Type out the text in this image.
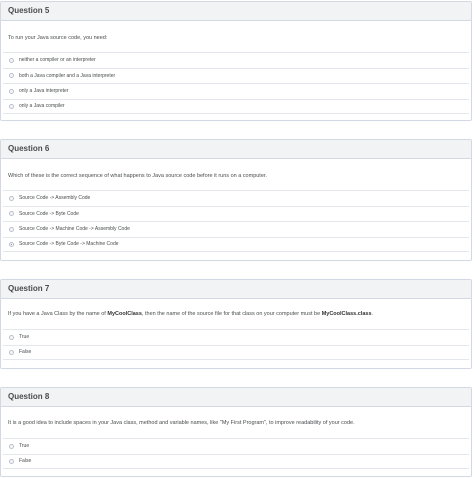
Question 5
To run your Java source code, you need:
neither a compiler or an interpreter
both a Java compiler and a Java interpreter
only a Java interpreter
only a Java compiler
Question 6
Which of these is the correct sequence of what happens to Java source code before it runs on a computer.
Source Code -> Assembly Code
Source Code -> Byte Code
Source Code -> Machine Code -> Assembly Code
Source Code -> Byte Code -> Machine Code
Question 7
If you have a Java Class by the name of MyCoolClass, then the name of the source file for that class on your computer must be MyCoolClass.class.
True
False
Question 8
It is a good idea to include spaces in your Java class, method and variable names, like "My First Program", to improve readability of your code.
True
False
